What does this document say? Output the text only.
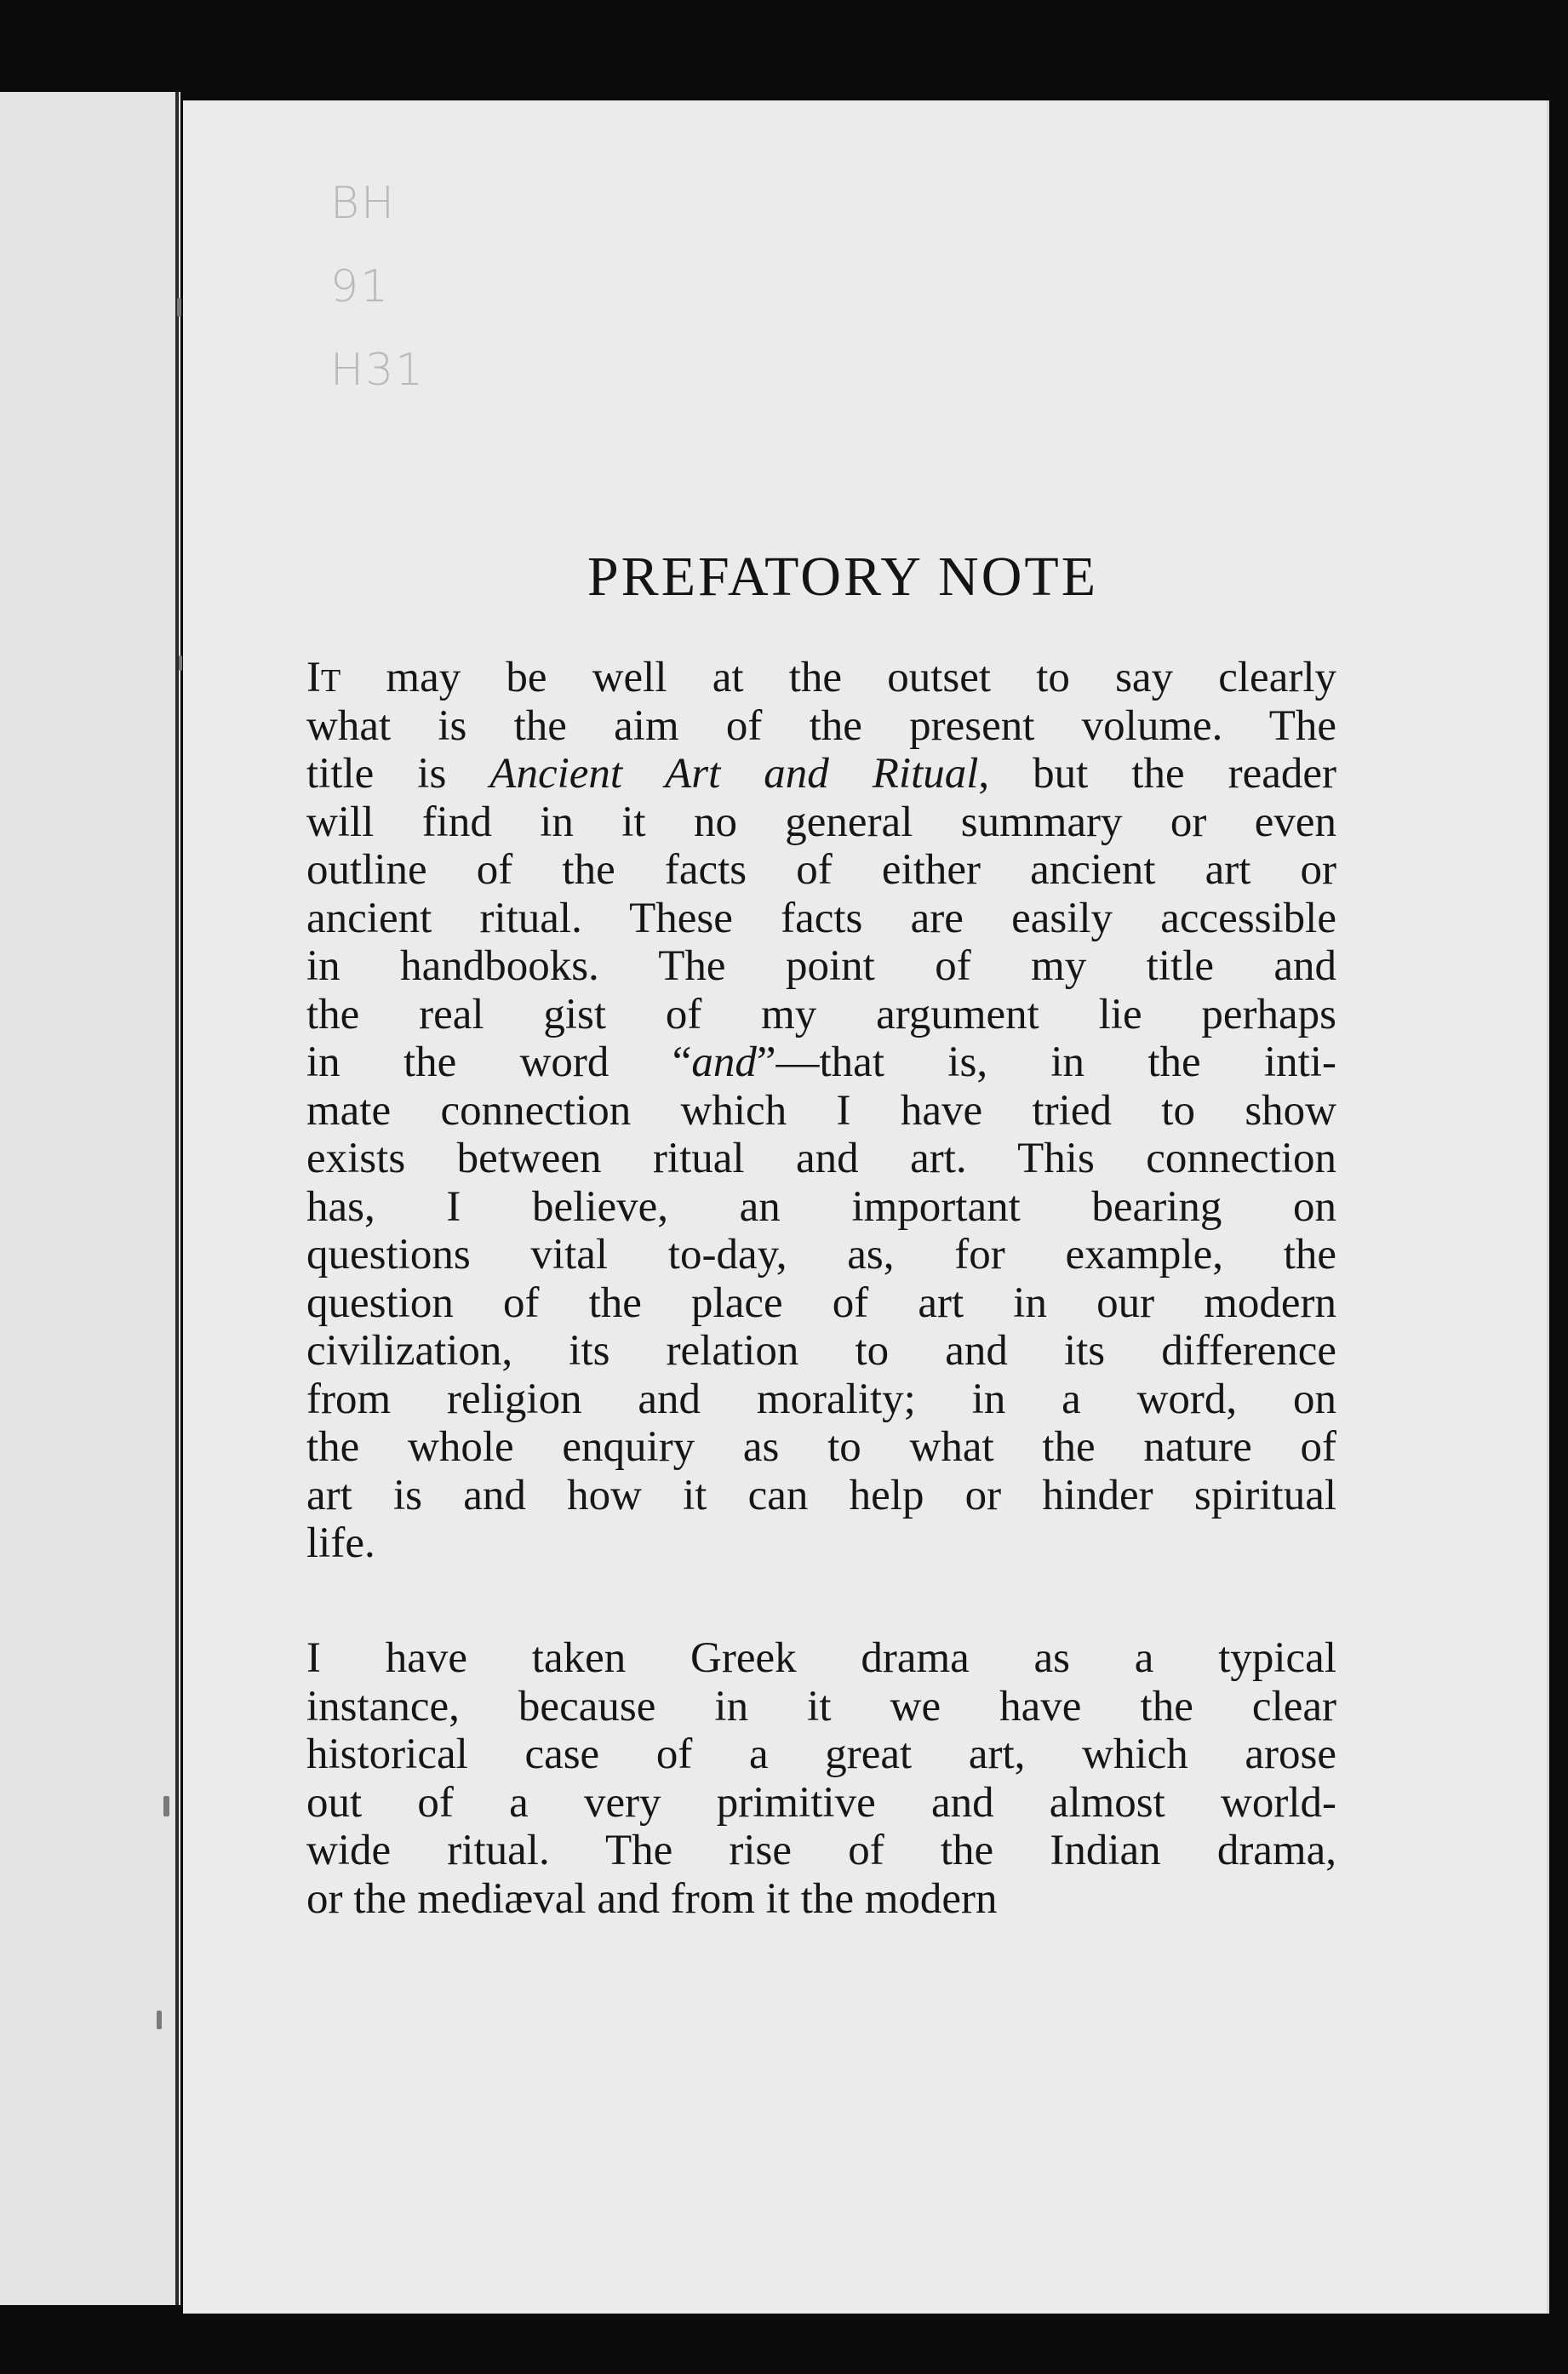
BH
91
H31
PREFATORY NOTE
IT may be well at the outset to say clearly
what is the aim of the present volume. The
title is Ancient Art and Ritual, but the reader
will find in it no general summary or even
outline of the facts of either ancient art or
ancient ritual. These facts are easily accessible
in handbooks. The point of my title and
the real gist of my argument lie perhaps
in the word “and”—that is, in the inti-
mate connection which I have tried to show
exists between ritual and art. This connection
has, I believe, an important bearing on
questions vital to-day, as, for example, the
question of the place of art in our modern
civilization, its relation to and its difference
from religion and morality; in a word, on
the whole enquiry as to what the nature of
art is and how it can help or hinder spiritual
life.
I have taken Greek drama as a typical
instance, because in it we have the clear
historical case of a great art, which arose
out of a very primitive and almost world-
wide ritual. The rise of the Indian drama,
or the mediæval and from it the modern
